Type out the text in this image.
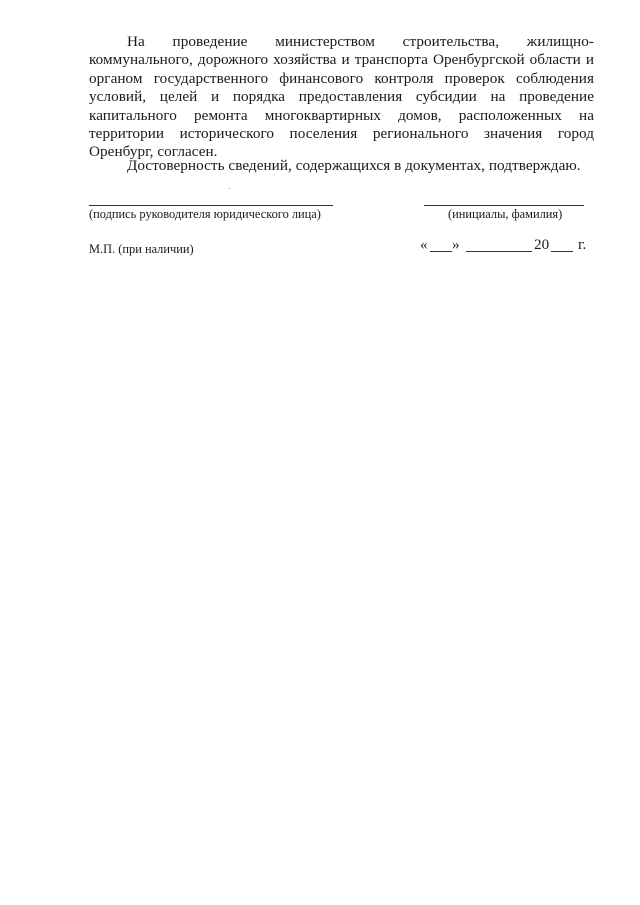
На проведение министерством строительства, жилищно-коммунального, дорожного хозяйства и транспорта Оренбургской области и органом государственного финансового контроля проверок соблюдения условий, целей и порядка предоставления субсидии на проведение капитального ремонта многоквартирных домов, расположенных на территории исторического поселения регионального значения город Оренбург, согласен.

Достоверность сведений, содержащихся в документах, подтверждаю.

(подпись руководителя юридического лица)	(инициалы, фамилия)
М.П. (при наличии)	« »	20 г.
